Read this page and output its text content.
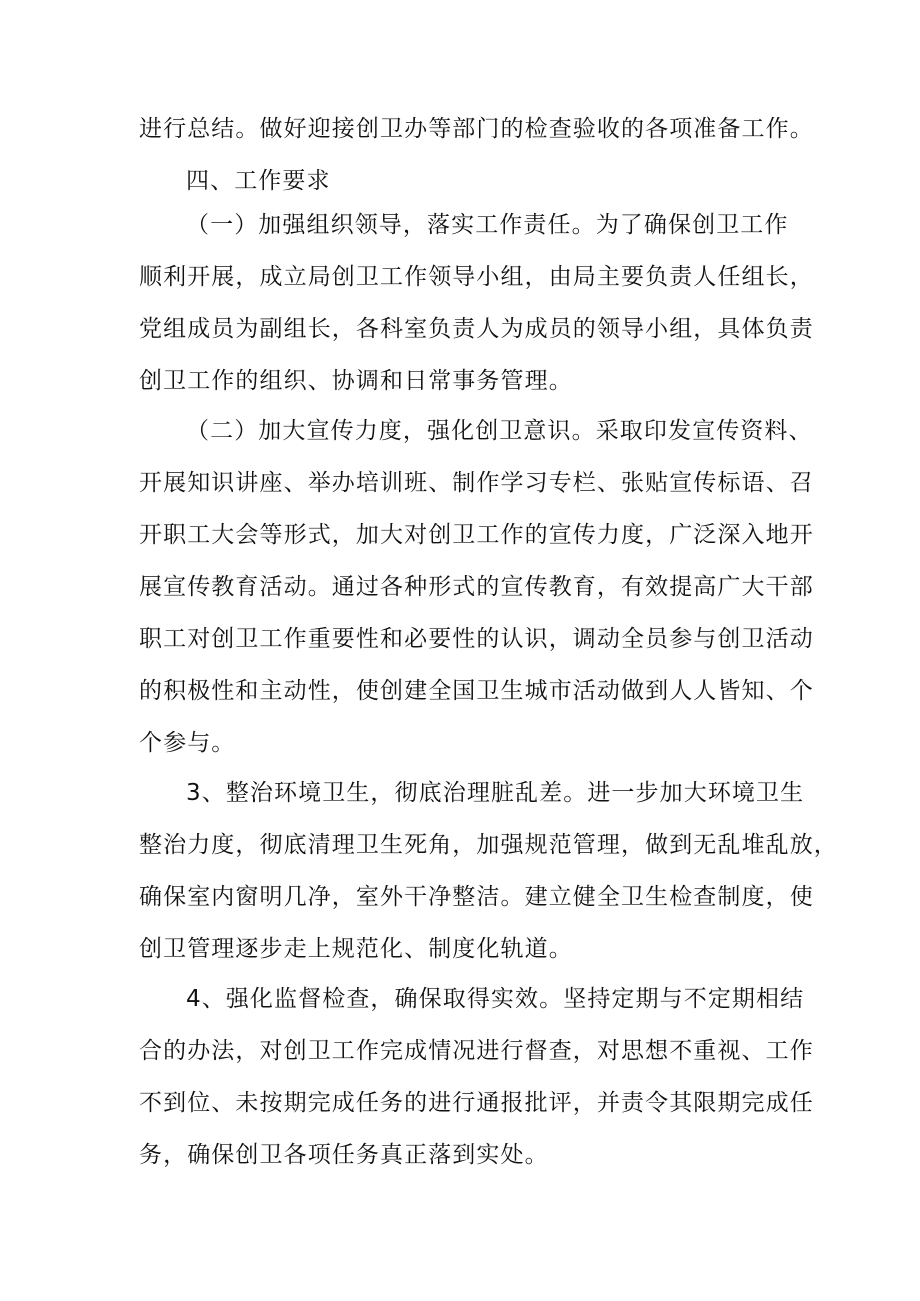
进行总结。做好迎接创卫办等部门的检查验收的各项准备工作。
四、工作要求
（一）加强组织领导，落实工作责任。为了确保创卫工作
顺利开展，成立局创卫工作领导小组，由局主要负责人任组长，
党组成员为副组长，各科室负责人为成员的领导小组，具体负责
创卫工作的组织、协调和日常事务管理。
（二）加大宣传力度，强化创卫意识。采取印发宣传资料、
开展知识讲座、举办培训班、制作学习专栏、张贴宣传标语、召
开职工大会等形式，加大对创卫工作的宣传力度，广泛深入地开
展宣传教育活动。通过各种形式的宣传教育，有效提高广大干部
职工对创卫工作重要性和必要性的认识，调动全员参与创卫活动
的积极性和主动性，使创建全国卫生城市活动做到人人皆知、个
个参与。
3、整治环境卫生，彻底治理脏乱差。进一步加大环境卫生
整治力度，彻底清理卫生死角，加强规范管理，做到无乱堆乱放，
确保室内窗明几净，室外干净整洁。建立健全卫生检查制度，使
创卫管理逐步走上规范化、制度化轨道。
4、强化监督检查，确保取得实效。坚持定期与不定期相结
合的办法，对创卫工作完成情况进行督查，对思想不重视、工作
不到位、未按期完成任务的进行通报批评，并责令其限期完成任
务，确保创卫各项任务真正落到实处。
